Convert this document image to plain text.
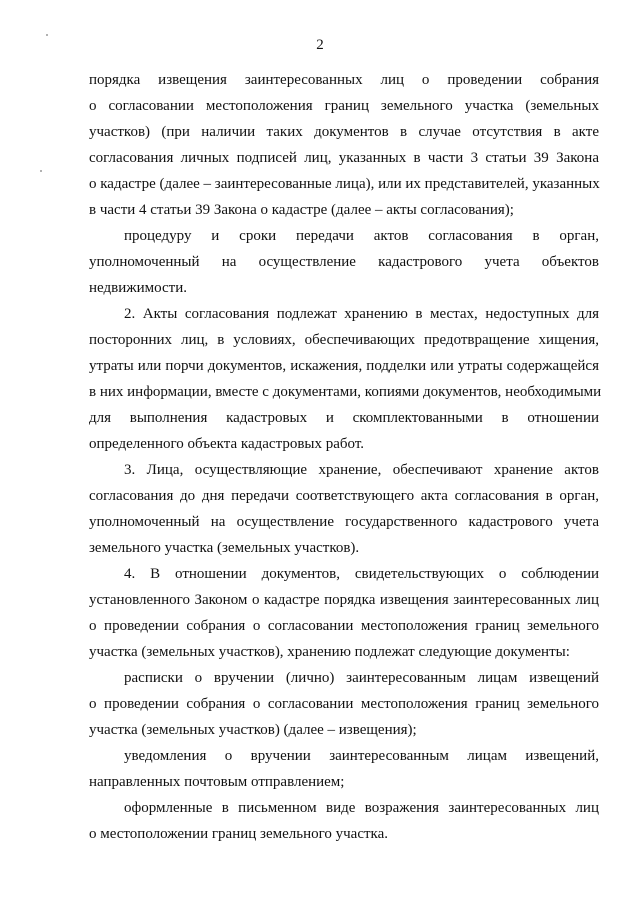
2
порядка извещения заинтересованных лиц о проведении собрания
о согласовании местоположения границ земельного участка (земельных
участков) (при наличии таких документов в случае отсутствия в акте
согласования личных подписей лиц, указанных в части 3 статьи 39 Закона
о кадастре (далее – заинтересованные лица), или их представителей, указанных
в части 4 статьи 39 Закона о кадастре (далее – акты согласования);
процедуру и сроки передачи актов согласования в орган,
уполномоченный на осуществление кадастрового учета объектов
недвижимости.
2. Акты согласования подлежат хранению в местах, недоступных для
посторонних лиц, в условиях, обеспечивающих предотвращение хищения,
утраты или порчи документов, искажения, подделки или утраты содержащейся
в них информации, вместе с документами, копиями документов, необходимыми
для выполнения кадастровых и скомплектованными в отношении
определенного объекта кадастровых работ.
3. Лица, осуществляющие хранение, обеспечивают хранение актов
согласования до дня передачи соответствующего акта согласования в орган,
уполномоченный на осуществление государственного кадастрового учета
земельного участка (земельных участков).
4. В отношении документов, свидетельствующих о соблюдении
установленного Законом о кадастре порядка извещения заинтересованных лиц
о проведении собрания о согласовании местоположения границ земельного
участка (земельных участков), хранению подлежат следующие документы:
расписки о вручении (лично) заинтересованным лицам извещений
о проведении собрания о согласовании местоположения границ земельного
участка (земельных участков) (далее – извещения);
уведомления о вручении заинтересованным лицам извещений,
направленных почтовым отправлением;
оформленные в письменном виде возражения заинтересованных лиц
о местоположении границ земельного участка.
